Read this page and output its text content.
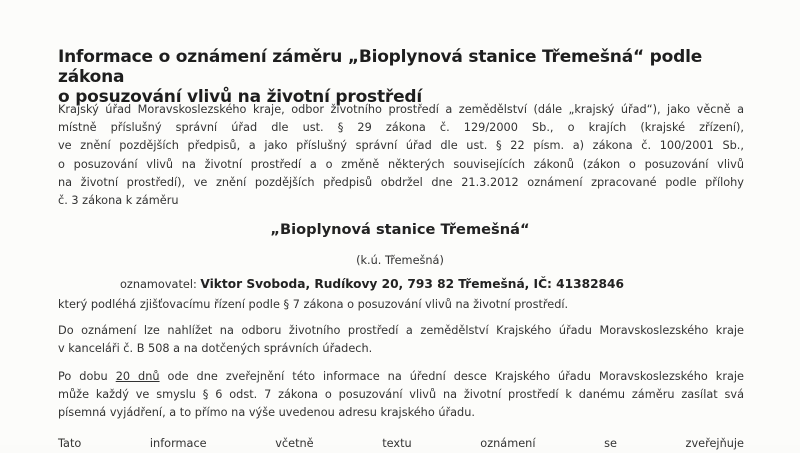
Informace o oznámení záměru „Bioplynová stanice Třemešná“ podle zákona
o posuzování vlivů na životní prostředí
Krajský úřad Moravskoslezského kraje, odbor životního prostředí a zemědělství (dále „krajský úřad“), jako věcně a
místně příslušný správní úřad dle ust. § 29 zákona č. 129/2000 Sb., o krajích (krajské zřízení),
ve znění pozdějších předpisů, a jako příslušný správní úřad dle ust. § 22 písm. a) zákona č. 100/2001 Sb.,
o posuzování vlivů na životní prostředí a o změně některých souvisejících zákonů (zákon o posuzování vlivů
na životní prostředí), ve znění pozdějších předpisů obdržel dne 21.3.2012 oznámení zpracované podle přílohy
č. 3 zákona k záměru
„Bioplynová stanice Třemešná“
(k.ú. Třemešná)
oznamovatel: Viktor Svoboda, Rudíkovy 20, 793 82 Třemešná, IČ: 41382846
který podléhá zjišťovacímu řízení podle § 7 zákona o posuzování vlivů na životní prostředí.
Do oznámení lze nahlížet na odboru životního prostředí a zemědělství Krajského úřadu Moravskoslezského kraje
v kanceláři č. B 508 a na dotčených správních úřadech.
Po dobu 20 dnů ode dne zveřejnění této informace na úřední desce Krajského úřadu Moravskoslezského kraje
může každý ve smyslu § 6 odst. 7 zákona o posuzování vlivů na životní prostředí k danému záměru zasílat svá
písemná vyjádření, a to přímo na výše uvedenou adresu krajského úřadu.
Tato informace včetně textu oznámení se zveřejňuje
